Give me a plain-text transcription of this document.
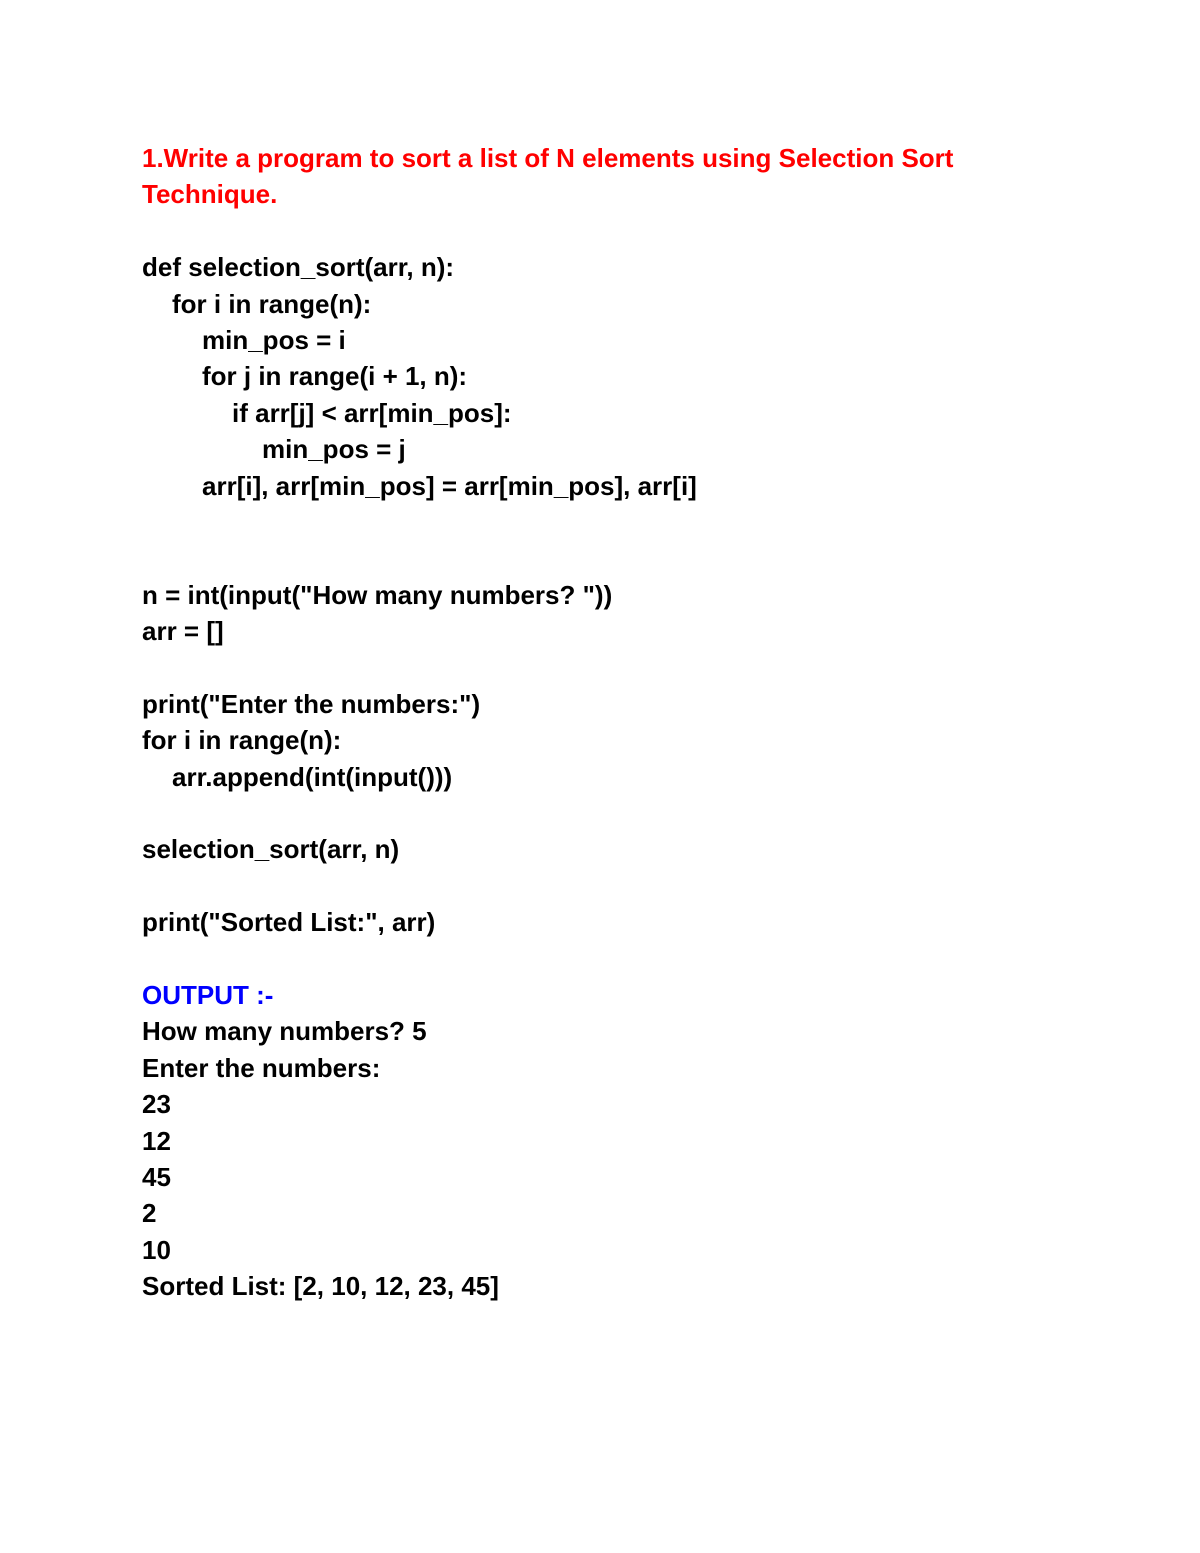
1.Write a program to sort a list of N elements using Selection Sort
Technique.
def selection_sort(arr, n):
for i in range(n):
min_pos = i
for j in range(i + 1, n):
if arr[j] < arr[min_pos]:
min_pos = j
arr[i], arr[min_pos] = arr[min_pos], arr[i]
n = int(input("How many numbers? "))
arr = []
print("Enter the numbers:")
for i in range(n):
arr.append(int(input()))
selection_sort(arr, n)
print("Sorted List:", arr)
OUTPUT :-
How many numbers? 5
Enter the numbers:
23
12
45
2
10
Sorted List: [2, 10, 12, 23, 45]
